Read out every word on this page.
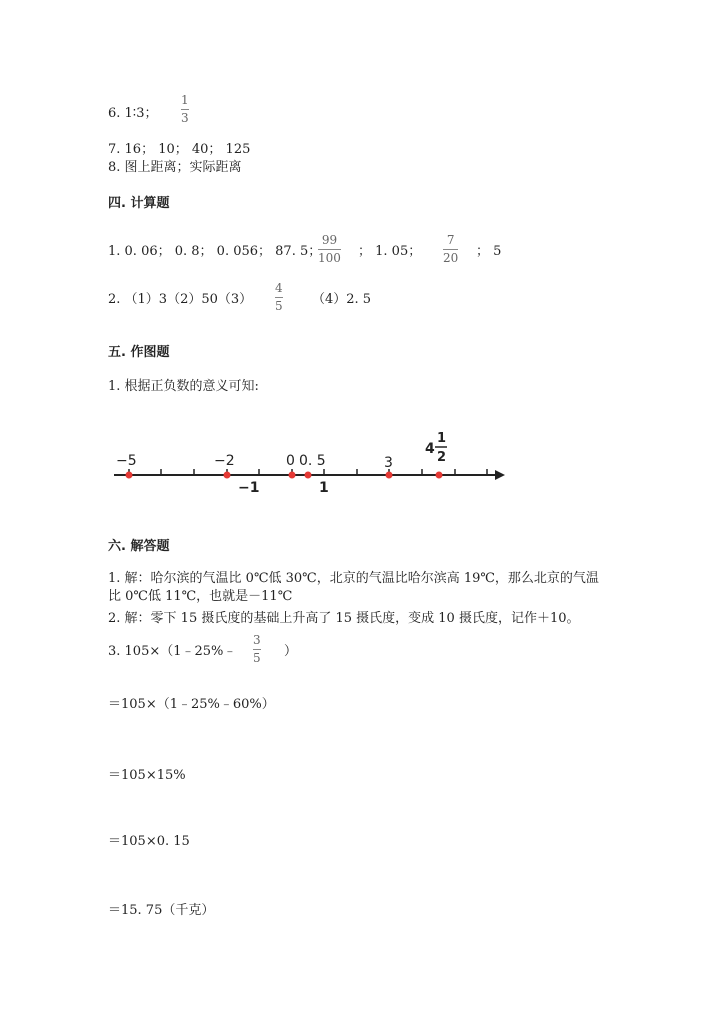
6. 1∶3；
1
3
7. 16； 10； 40； 125
8. 图上距离；实际距离
四. 计算题
1. 0. 06； 0. 8； 0. 056； 87. 5；
99
100 ； 1. 05；
7
20 ； 5
2. （1）3（2）50（3）
4
5 （4）2. 5
五. 作图题
1. 根据正负数的意义可知:
−5	−2	0 0. 5	3
−1	1
4
1
2
六. 解答题
1. 解：哈尔滨的气温比 0℃低 30℃，北京的气温比哈尔滨高 19℃，那么北京的气温比 0℃低 11℃，也就是－11℃
2. 解：零下 15 摄氏度的基础上升高了 15 摄氏度，变成 10 摄氏度，记作＋10。
3. 105×（1﹣25%﹣
3
5 ）
＝105×（1﹣25%﹣60%）
＝105×15%
＝105×0. 15
＝15. 75（千克）
